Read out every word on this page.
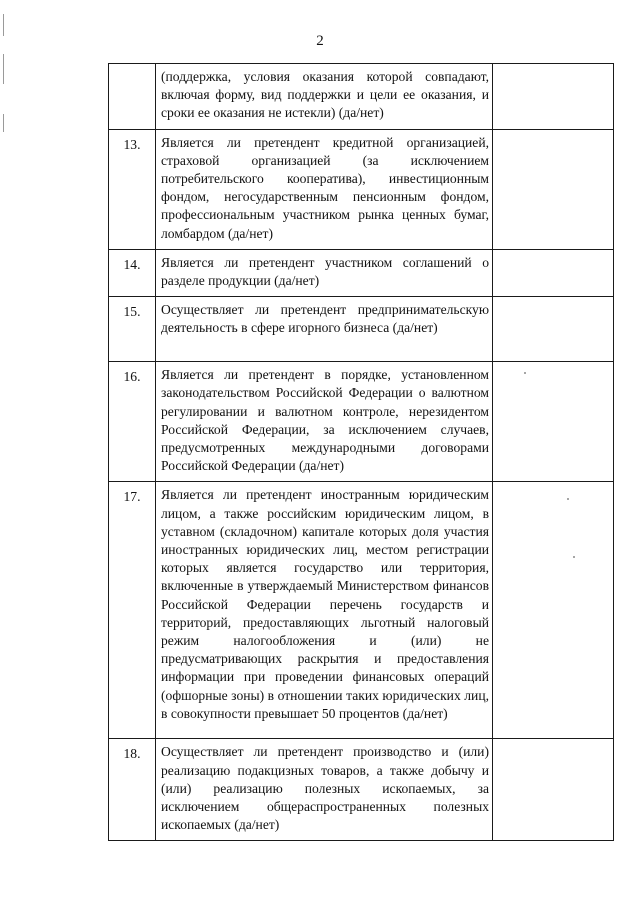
2
	(поддержка, условия оказания которой совпадают, включая форму, вид поддержки и цели ее оказания, и сроки ее оказания не истекли) (да/нет)	
13.	Является ли претендент кредитной организацией, страховой организацией (за исключением потребительского кооператива), инвестиционным фондом, негосударственным пенсионным фондом, профессиональным участником рынка ценных бумаг, ломбардом (да/нет)	
14.	Является ли претендент участником соглашений о разделе продукции (да/нет)	
15.	Осуществляет ли претендент предпринимательскую деятельность в сфере игорного бизнеса (да/нет)	
16.	Является ли претендент в порядке, установленном законодательством Российской Федерации о валютном регулировании и валютном контроле, нерезидентом Российской Федерации, за исключением случаев, предусмотренных международными договорами Российской Федерации (да/нет)	
17.	Является ли претендент иностранным юридическим лицом, а также российским юридическим лицом, в уставном (складочном) капитале которых доля участия иностранных юридических лиц, местом регистрации которых является государство или территория, включенные в утверждаемый Министерством финансов Российской Федерации перечень государств и территорий, предоставляющих льготный налоговый режим налогообложения и (или) не предусматривающих раскрытия и предоставления информации при проведении финансовых операций (офшорные зоны) в отношении таких юридических лиц, в совокупности превышает 50 процентов (да/нет)	
18.	Осуществляет ли претендент производство и (или) реализацию подакцизных товаров, а также добычу и (или) реализацию полезных ископаемых, за исключением общераспространенных полезных ископаемых (да/нет)	
